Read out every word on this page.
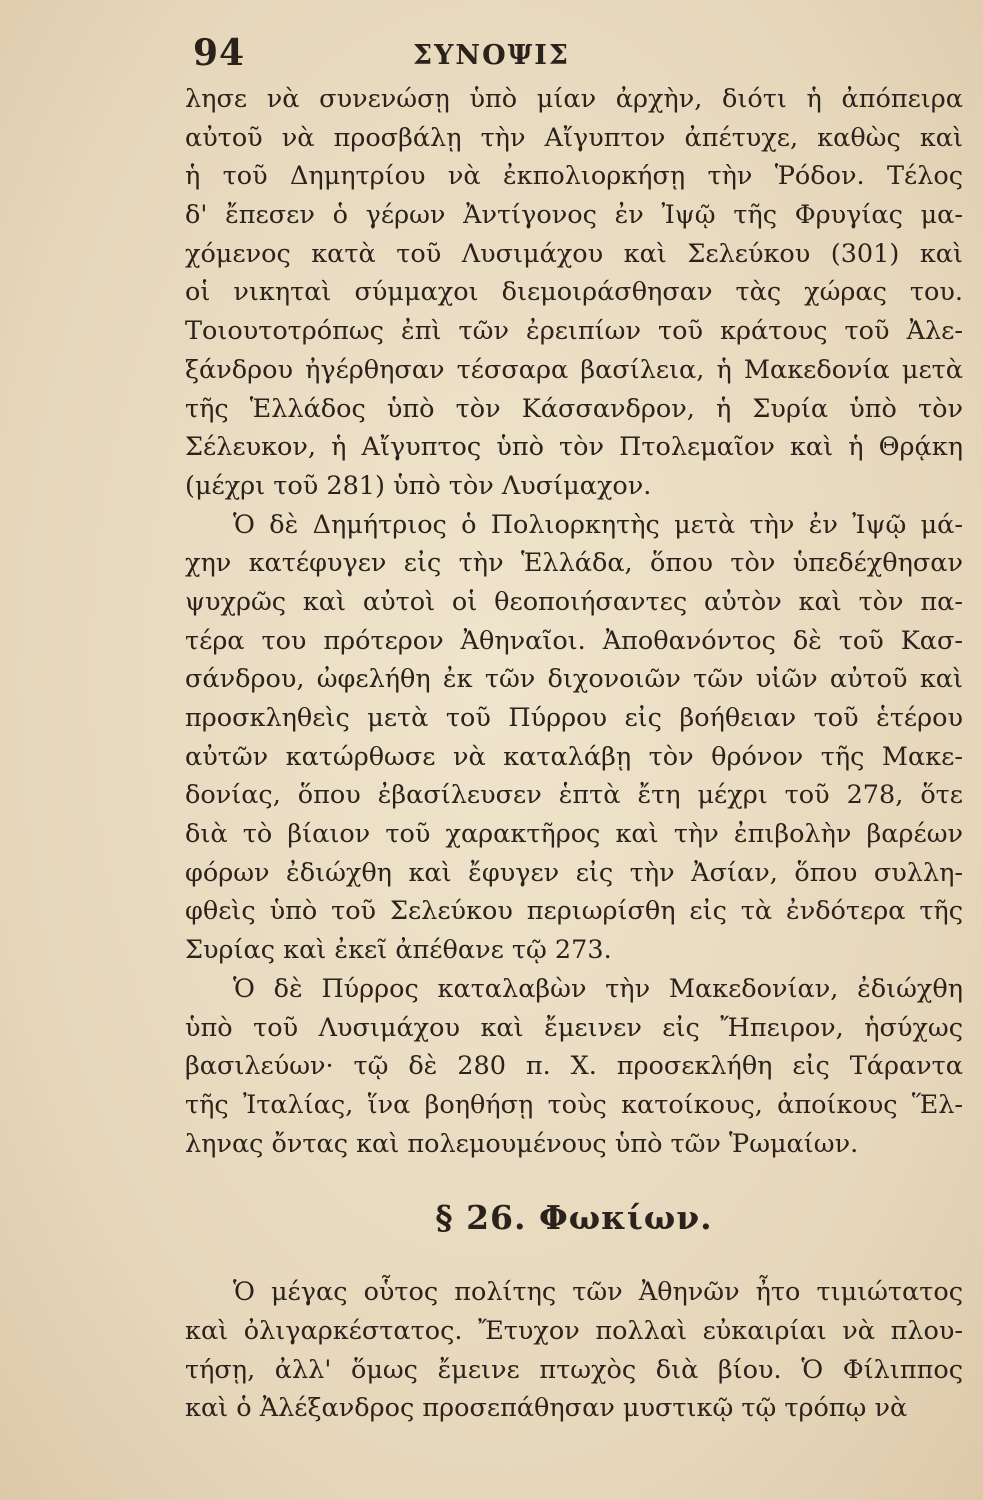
94	ΣΥΝΟΨΙΣ
λησε νὰ συνενώσῃ ὑπὸ μίαν ἀρχὴν, διότι ἡ ἀπόπειρα
αὐτοῦ νὰ προσβάλῃ τὴν Αἴγυπτον ἀπέτυχε, καθὼς καὶ
ἡ τοῦ Δημητρίου νὰ ἐκπολιορκήσῃ τὴν Ῥόδον. Τέλος
δ' ἔπεσεν ὁ γέρων Ἀντίγονος ἐν Ἰψῷ τῆς Φρυγίας μα-
χόμενος κατὰ τοῦ Λυσιμάχου καὶ Σελεύκου (301) καὶ
οἱ νικηταὶ σύμμαχοι διεμοιράσθησαν τὰς χώρας του.
Τοιουτοτρόπως ἐπὶ τῶν ἐρειπίων τοῦ κράτους τοῦ Ἀλε-
ξάνδρου ἠγέρθησαν τέσσαρα βασίλεια, ἡ Μακεδονία μετὰ
τῆς Ἑλλάδος ὑπὸ τὸν Κάσσανδρον, ἡ Συρία ὑπὸ τὸν
Σέλευκον, ἡ Αἴγυπτος ὑπὸ τὸν Πτολεμαῖον καὶ ἡ Θρᾴκη
(μέχρι τοῦ 281) ὑπὸ τὸν Λυσίμαχον.
Ὁ δὲ Δημήτριος ὁ Πολιορκητὴς μετὰ τὴν ἐν Ἰψῷ μά-
χην κατέφυγεν εἰς τὴν Ἑλλάδα, ὅπου τὸν ὑπεδέχθησαν
ψυχρῶς καὶ αὐτοὶ οἱ θεοποιήσαντες αὐτὸν καὶ τὸν πα-
τέρα του πρότερον Ἀθηναῖοι. Ἀποθανόντος δὲ τοῦ Κασ-
σάνδρου, ὠφελήθη ἐκ τῶν διχονοιῶν τῶν υἱῶν αὐτοῦ καὶ
προσκληθεὶς μετὰ τοῦ Πύρρου εἰς βοήθειαν τοῦ ἑτέρου
αὐτῶν κατώρθωσε νὰ καταλάβῃ τὸν θρόνον τῆς Μακε-
δονίας, ὅπου ἐβασίλευσεν ἑπτὰ ἔτη μέχρι τοῦ 278, ὅτε
διὰ τὸ βίαιον τοῦ χαρακτῆρος καὶ τὴν ἐπιβολὴν βαρέων
φόρων ἐδιώχθη καὶ ἔφυγεν εἰς τὴν Ἀσίαν, ὅπου συλλη-
φθεὶς ὑπὸ τοῦ Σελεύκου περιωρίσθη εἰς τὰ ἐνδότερα τῆς
Συρίας καὶ ἐκεῖ ἀπέθανε τῷ 273.
Ὁ δὲ Πύρρος καταλαβὼν τὴν Μακεδονίαν, ἐδιώχθη
ὑπὸ τοῦ Λυσιμάχου καὶ ἔμεινεν εἰς Ἤπειρον, ἡσύχως
βασιλεύων· τῷ δὲ 280 π. Χ. προσεκλήθη εἰς Τάραντα
τῆς Ἰταλίας, ἵνα βοηθήσῃ τοὺς κατοίκους, ἀποίκους Ἕλ-
ληνας ὄντας καὶ πολεμουμένους ὑπὸ τῶν Ῥωμαίων.
§ 26. Φωκίων.
Ὁ μέγας οὗτος πολίτης τῶν Ἀθηνῶν ἦτο τιμιώτατος
καὶ ὀλιγαρκέστατος. Ἔτυχον πολλαὶ εὐκαιρίαι νὰ πλου-
τήσῃ, ἀλλ' ὅμως ἔμεινε πτωχὸς διὰ βίου. Ὁ Φίλιππος
καὶ ὁ Ἀλέξανδρος προσεπάθησαν μυστικῷ τῷ τρόπῳ νὰ
